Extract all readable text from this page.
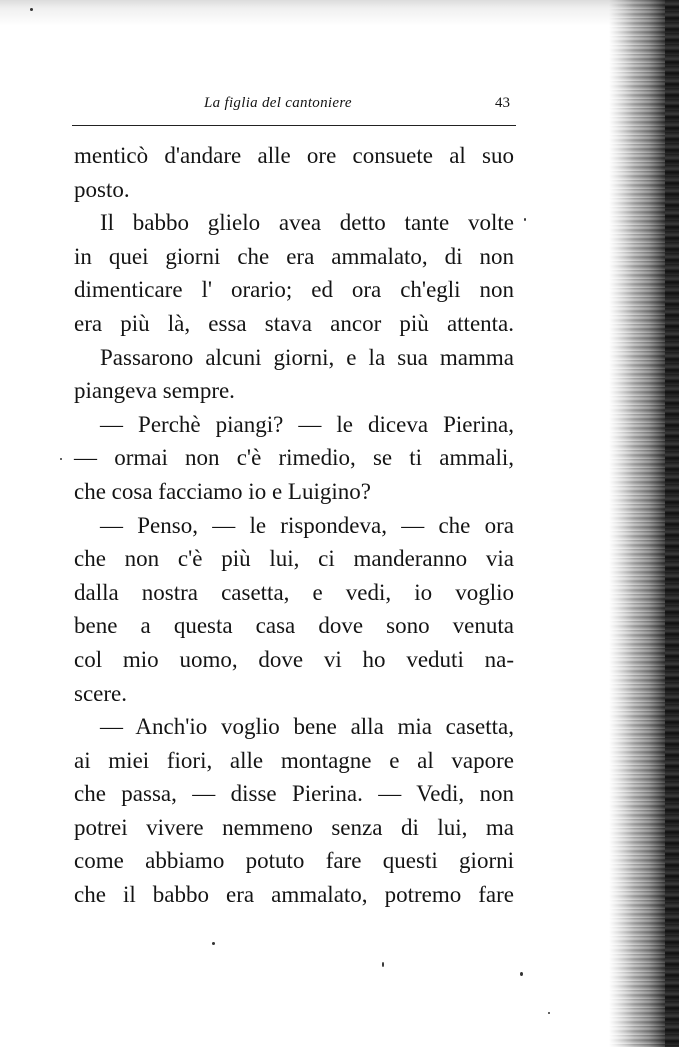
La figlia del cantoniere	43
menticò d'andare alle ore consuete al suo
posto.
Il babbo glielo avea detto tante volte
in quei giorni che era ammalato, di non
dimenticare l' orario; ed ora ch'egli non
era più là, essa stava ancor più attenta.
Passarono alcuni giorni, e la sua mamma
piangeva sempre.
— Perchè piangi? — le diceva Pierina,
— ormai non c'è rimedio, se ti ammali,
che cosa facciamo io e Luigino?
— Penso, — le rispondeva, — che ora
che non c'è più lui, ci manderanno via
dalla nostra casetta, e vedi, io voglio
bene a questa casa dove sono venuta
col mio uomo, dove vi ho veduti na-
scere.
— Anch'io voglio bene alla mia casetta,
ai miei fiori, alle montagne e al vapore
che passa, — disse Pierina. — Vedi, non
potrei vivere nemmeno senza di lui, ma
come abbiamo potuto fare questi giorni
che il babbo era ammalato, potremo fare
